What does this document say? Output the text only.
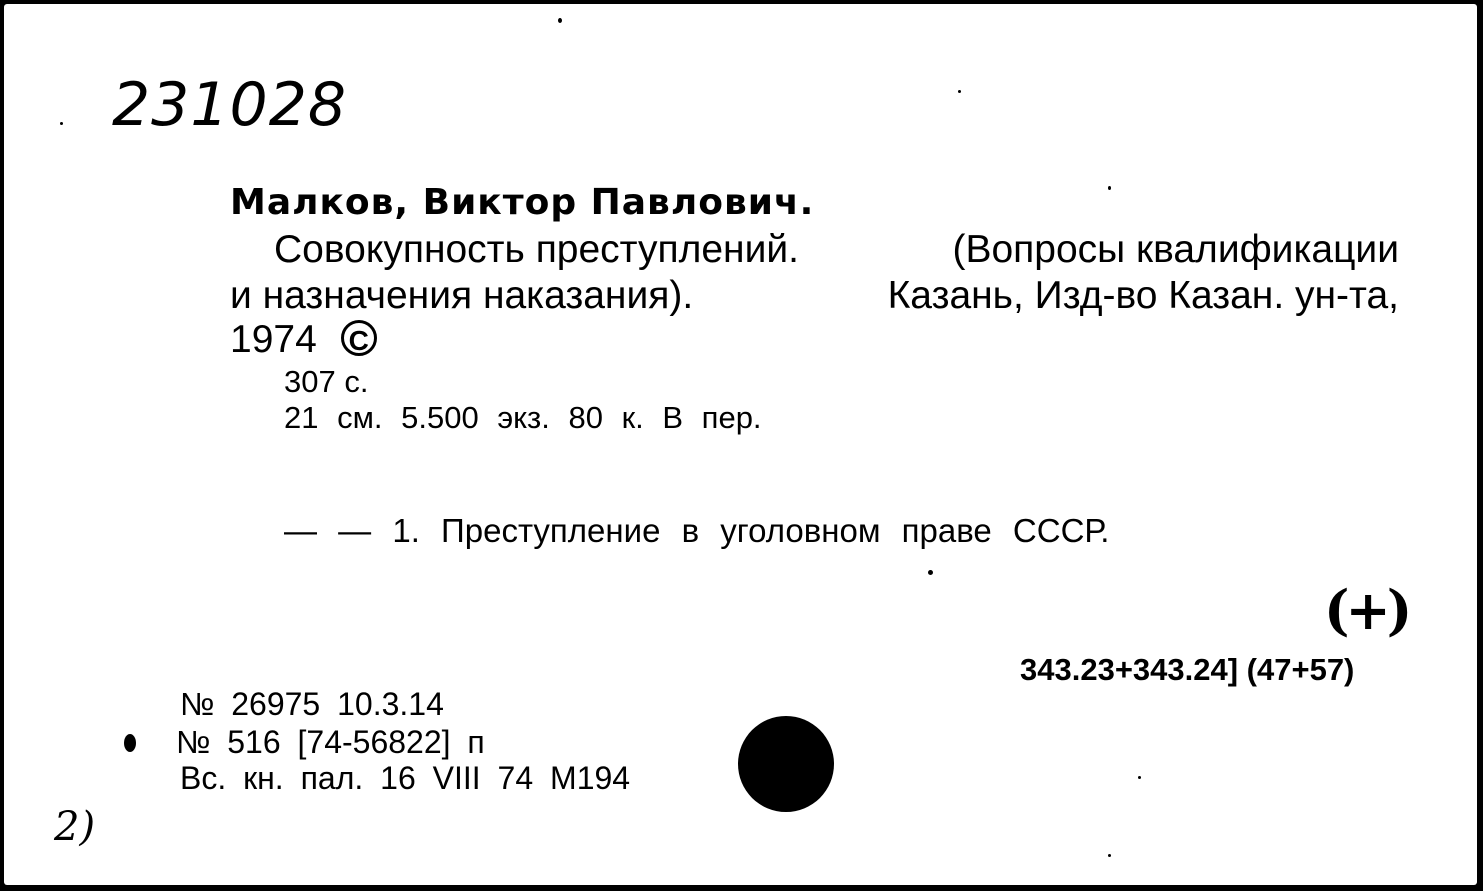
231028
Малков, Виктор Павлович.
Совокупность преступлений.	(Вопросы квалификации
и назначения наказания).	Казань, Изд-во Казан. ун-та,
1974 C
307 с.
21 см. 5.500 экз. 80 к. В пер.
— — 1. Преступление в уголовном праве СССР.
(+)
343.23+343.24] (47+57)
№ 26975 10.3.14
№ 516 [74-56822] п
Вс. кн. пал. 16 VIII 74 М194
2)
